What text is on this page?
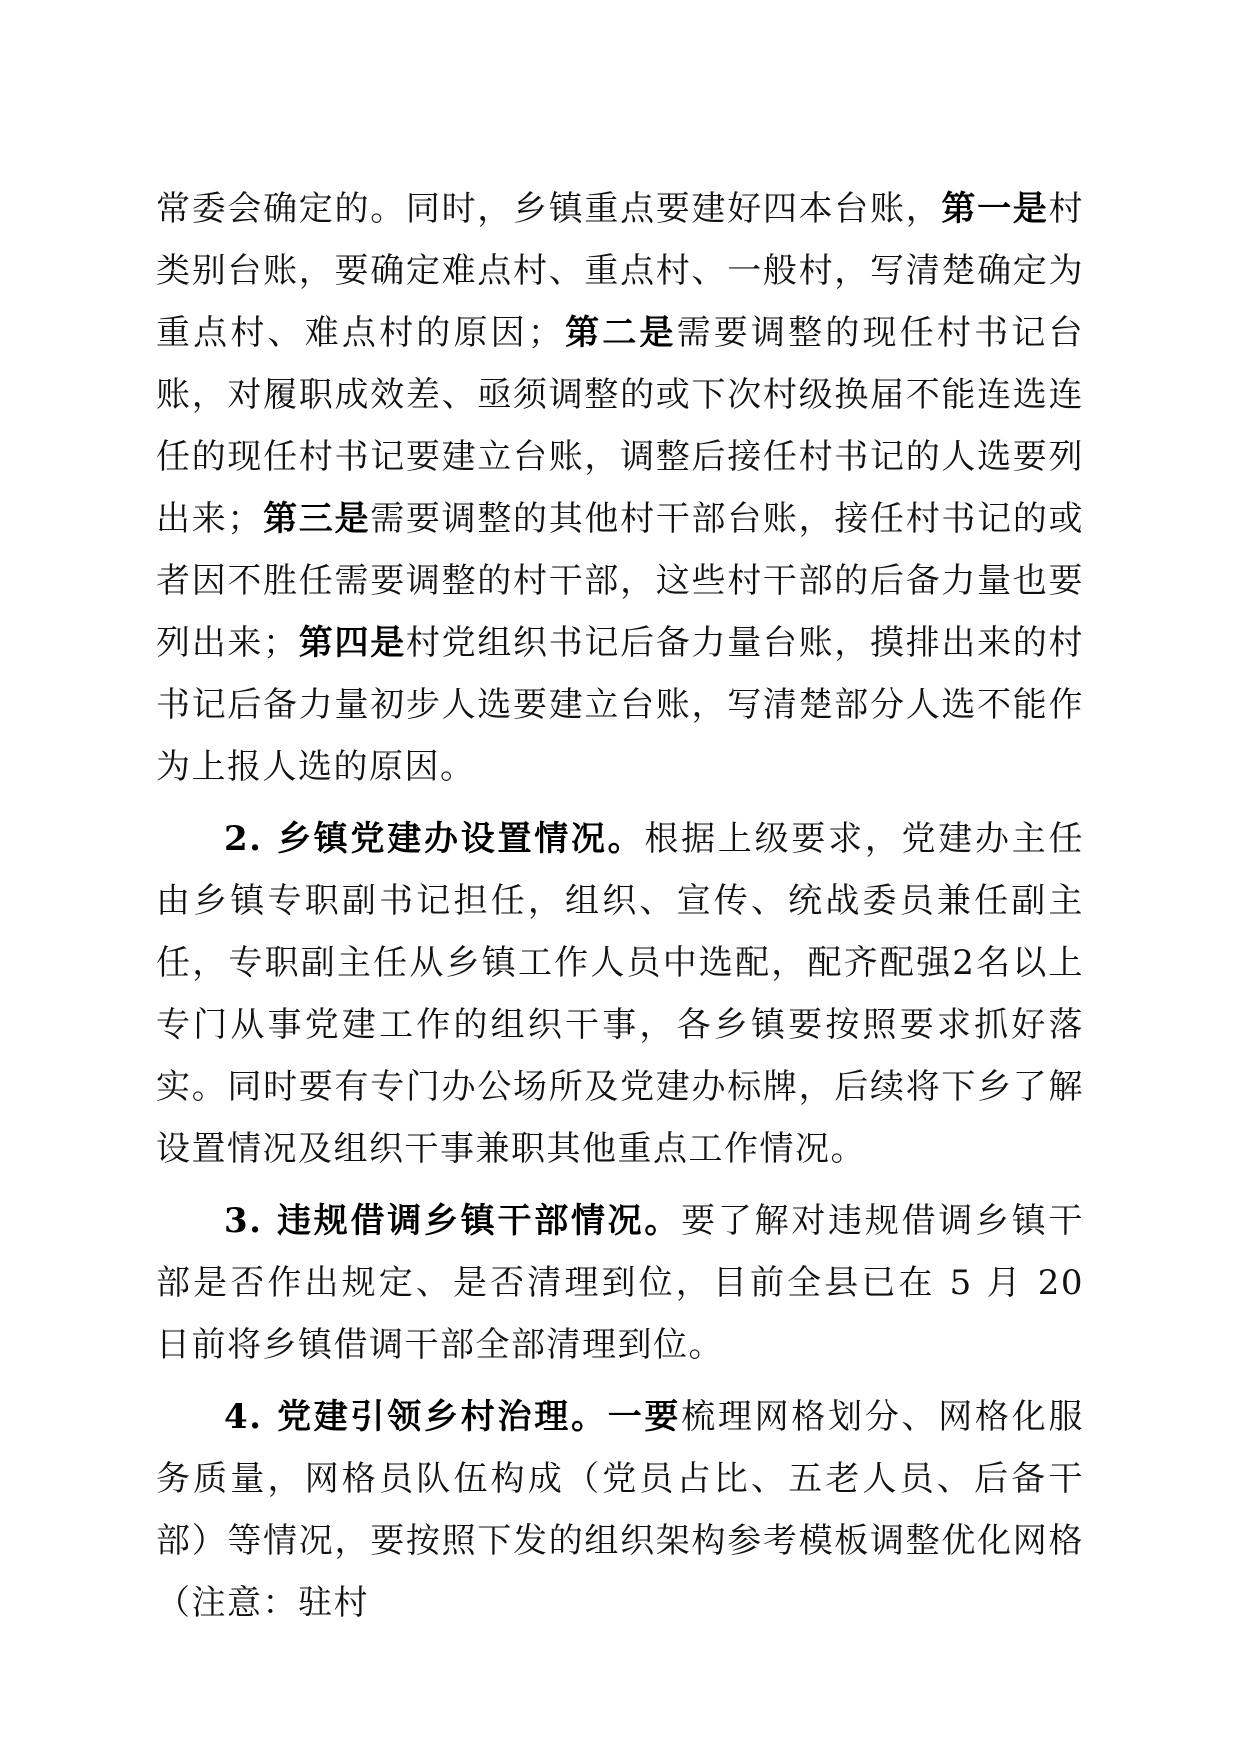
常委会确定的。同时，乡镇重点要建好四本台账，第一是村类别台账，要确定难点村、重点村、一般村，写清楚确定为重点村、难点村的原因；第二是需要调整的现任村书记台账，对履职成效差、亟须调整的或下次村级换届不能连选连任的现任村书记要建立台账，调整后接任村书记的人选要列出来；第三是需要调整的其他村干部台账，接任村书记的或者因不胜任需要调整的村干部，这些村干部的后备力量也要列出来；第四是村党组织书记后备力量台账，摸排出来的村书记后备力量初步人选要建立台账，写清楚部分人选不能作为上报人选的原因。

2. 乡镇党建办设置情况。根据上级要求，党建办主任由乡镇专职副书记担任，组织、宣传、统战委员兼任副主任，专职副主任从乡镇工作人员中选配，配齐配强2名以上专门从事党建工作的组织干事，各乡镇要按照要求抓好落实。同时要有专门办公场所及党建办标牌，后续将下乡了解设置情况及组织干事兼职其他重点工作情况。

3. 违规借调乡镇干部情况。要了解对违规借调乡镇干部是否作出规定、是否清理到位，目前全县已在 5 月 20 日前将乡镇借调干部全部清理到位。

4. 党建引领乡村治理。一要梳理网格划分、网格化服务质量，网格员队伍构成（党员占比、五老人员、后备干部）等情况，要按照下发的组织架构参考模板调整优化网格（注意：驻村
